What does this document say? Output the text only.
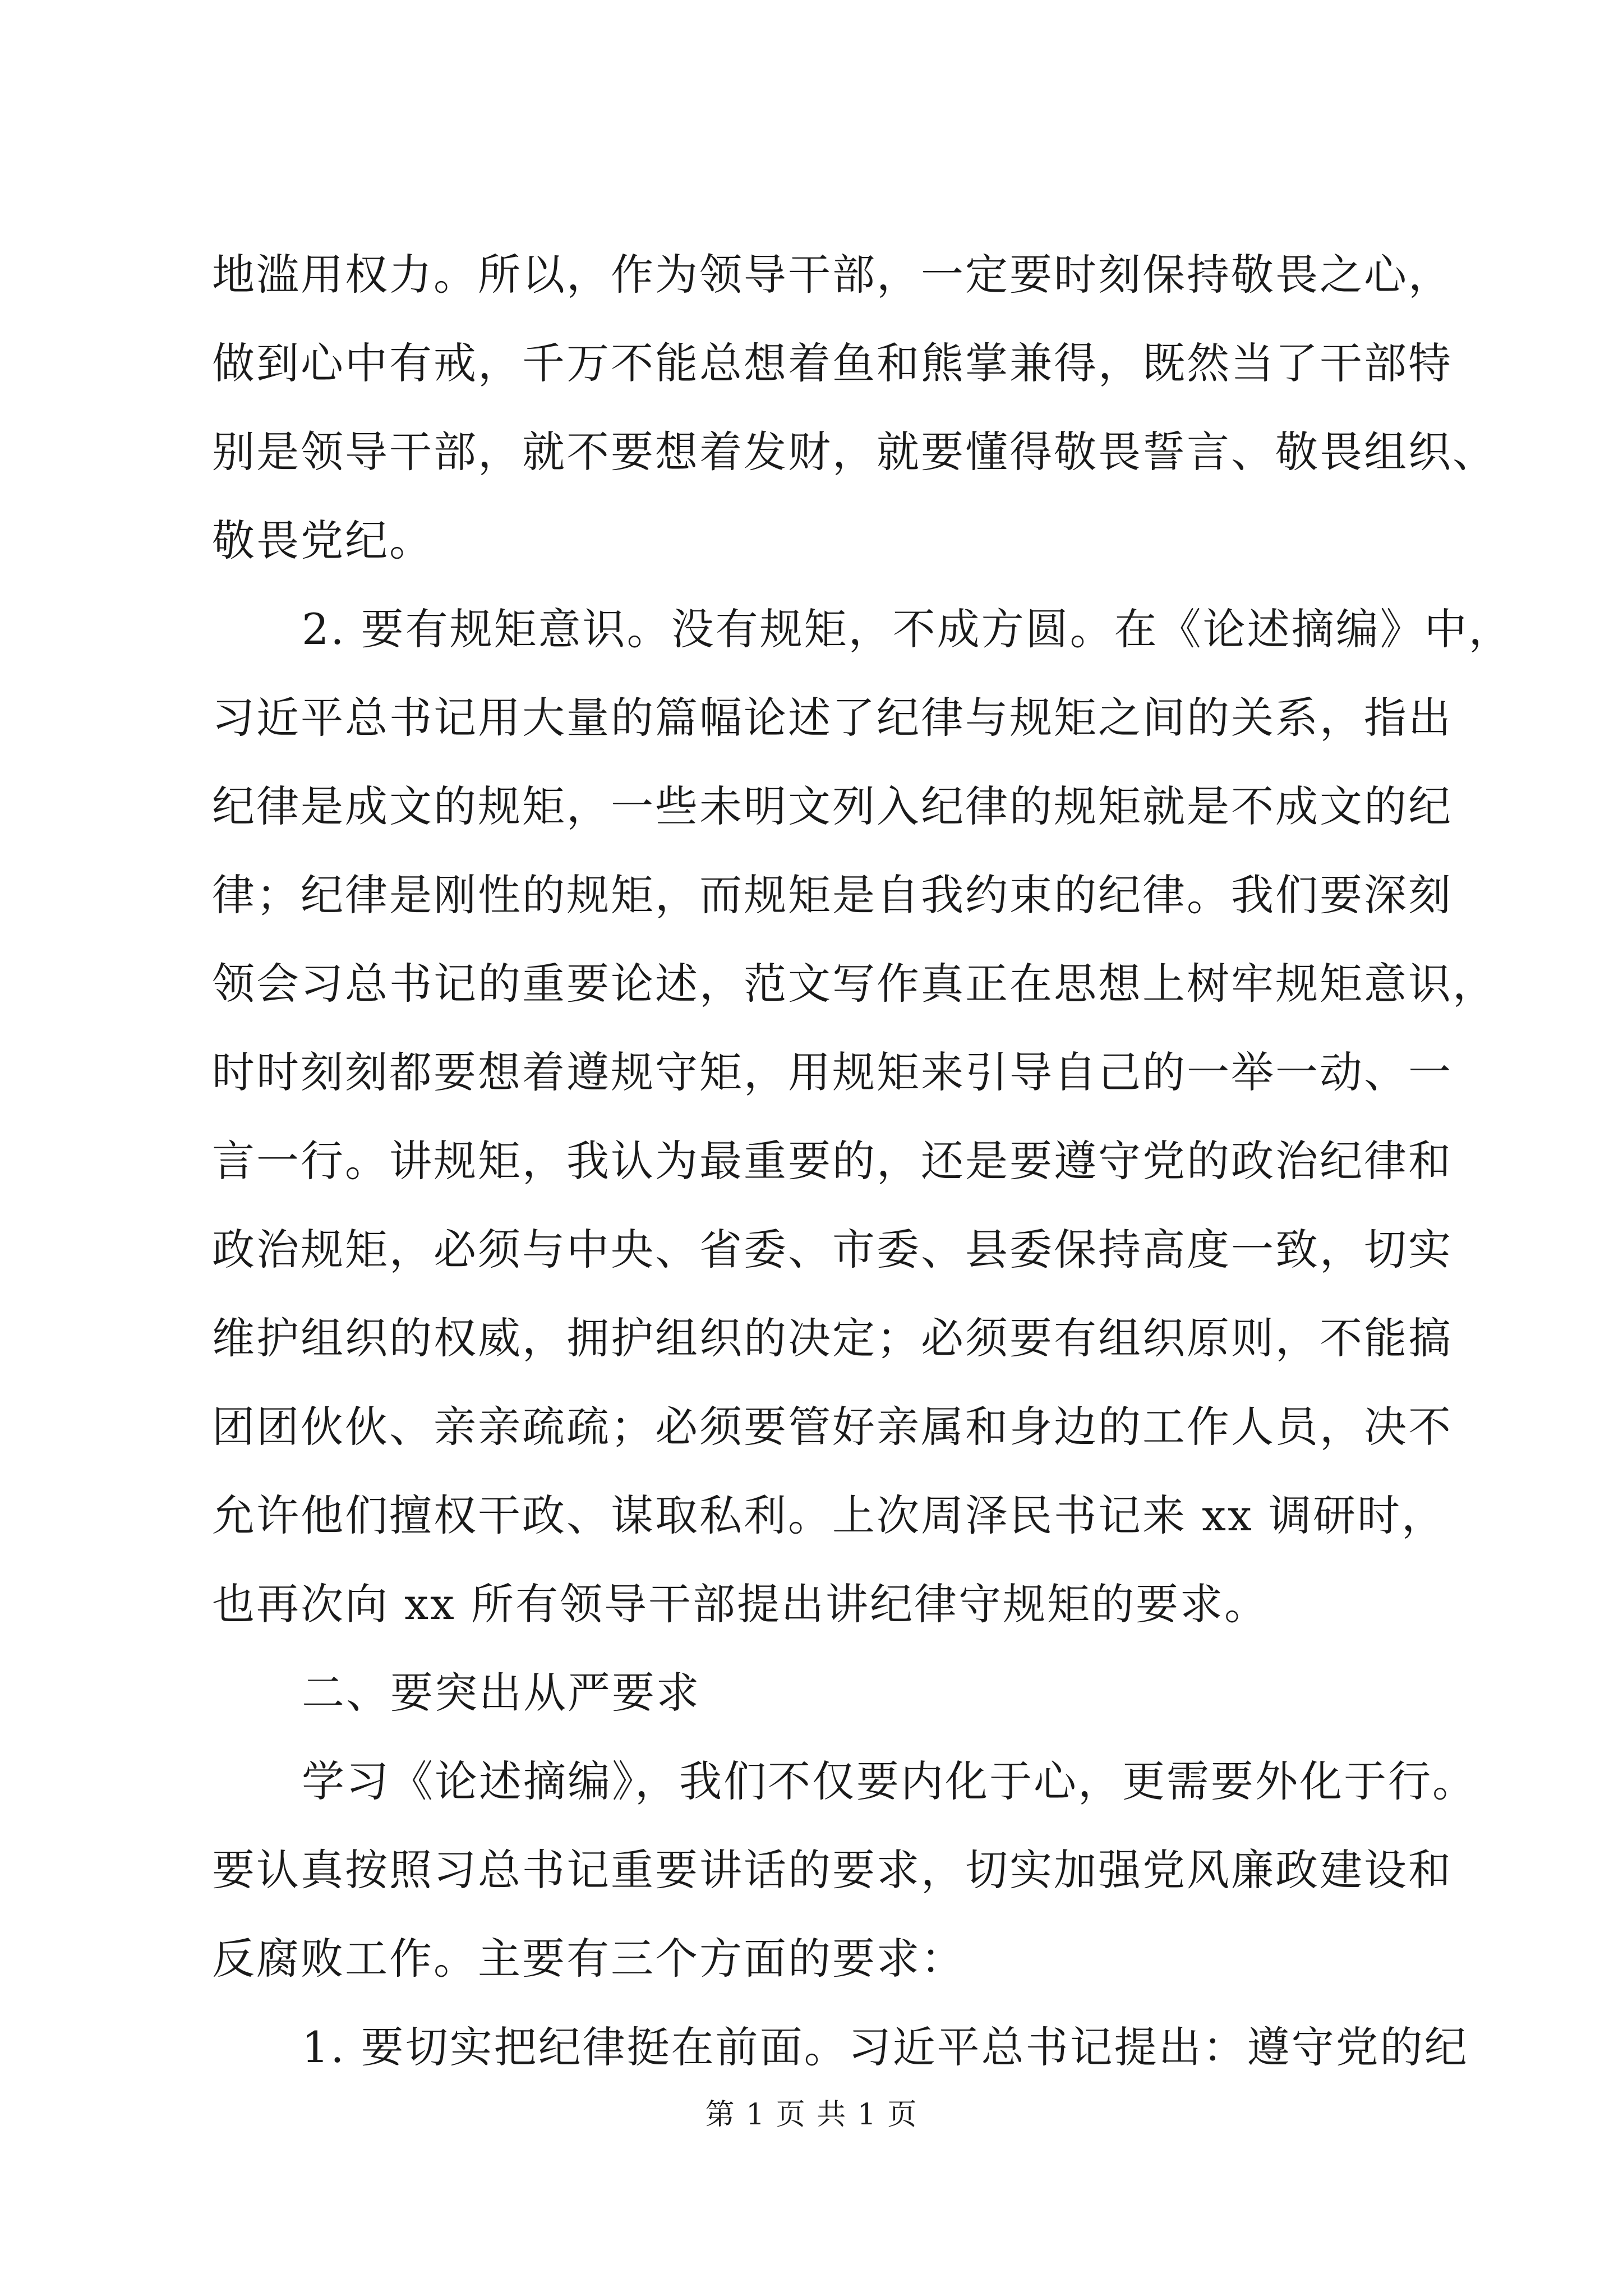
地滥用权力。所以，作为领导干部，一定要时刻保持敬畏之心，
做到心中有戒，千万不能总想着鱼和熊掌兼得，既然当了干部特
别是领导干部，就不要想着发财，就要懂得敬畏誓言、敬畏组织、
敬畏党纪。
2. 要有规矩意识。没有规矩，不成方圆。在《论述摘编》中，
习近平总书记用大量的篇幅论述了纪律与规矩之间的关系，指出
纪律是成文的规矩，一些未明文列入纪律的规矩就是不成文的纪
律；纪律是刚性的规矩，而规矩是自我约束的纪律。我们要深刻
领会习总书记的重要论述，范文写作真正在思想上树牢规矩意识，
时时刻刻都要想着遵规守矩，用规矩来引导自己的一举一动、一
言一行。讲规矩，我认为最重要的，还是要遵守党的政治纪律和
政治规矩，必须与中央、省委、市委、县委保持高度一致，切实
维护组织的权威，拥护组织的决定；必须要有组织原则，不能搞
团团伙伙、亲亲疏疏；必须要管好亲属和身边的工作人员，决不
允许他们擅权干政、谋取私利。上次周泽民书记来 xx 调研时，
也再次向 xx 所有领导干部提出讲纪律守规矩的要求。
二、要突出从严要求
学习《论述摘编》，我们不仅要内化于心，更需要外化于行。
要认真按照习总书记重要讲话的要求，切实加强党风廉政建设和
反腐败工作。主要有三个方面的要求：
1. 要切实把纪律挺在前面。习近平总书记提出：遵守党的纪
第 1 页 共 1 页
